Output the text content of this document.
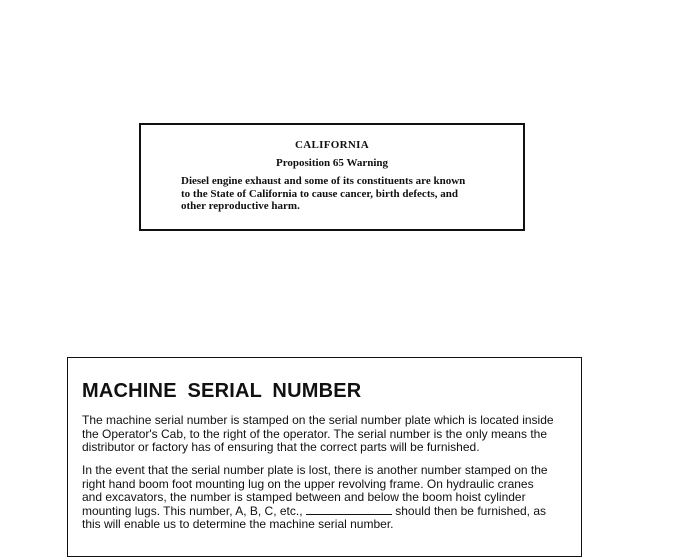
CALIFORNIA
Proposition 65 Warning
Diesel engine exhaust and some of its constituents are known
to the State of California to cause cancer, birth defects, and
other reproductive harm.
MACHINE SERIAL NUMBER
The machine serial number is stamped on the serial number plate which is located inside
the Operator's Cab, to the right of the operator. The serial number is the only means the
distributor or factory has of ensuring that the correct parts will be furnished.
In the event that the serial number plate is lost, there is another number stamped on the
right hand boom foot mounting lug on the upper revolving frame. On hydraulic cranes
and excavators, the number is stamped between and below the boom hoist cylinder
mounting lugs. This number, A, B, C, etc.,	should then be furnished, as
this will enable us to determine the machine serial number.
